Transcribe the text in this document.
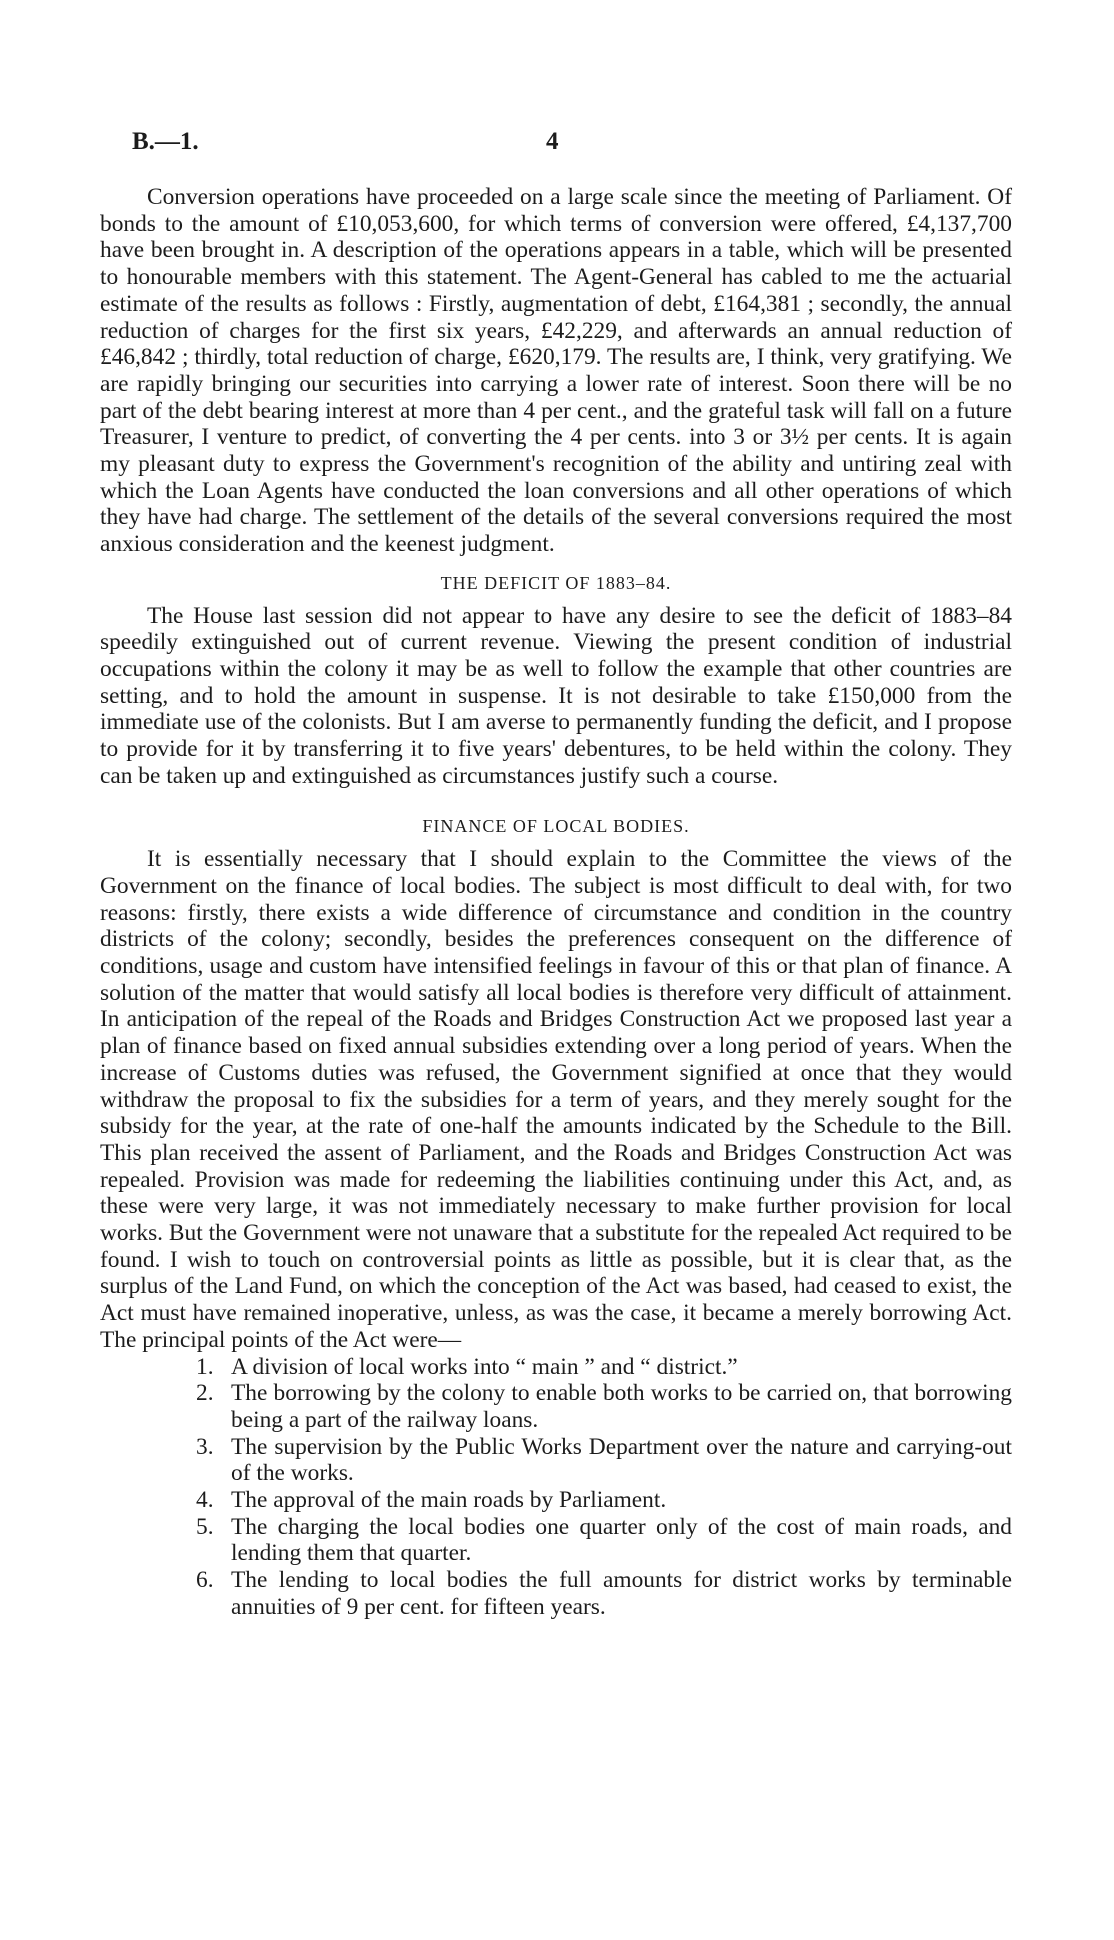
B.—1.	4

Conversion operations have proceeded on a large scale since the meeting of Parliament. Of bonds to the amount of £10,053,600, for which terms of conversion were offered, £4,137,700 have been brought in. A description of the operations appears in a table, which will be presented to honourable members with this statement. The Agent-General has cabled to me the actuarial estimate of the results as follows : Firstly, augmentation of debt, £164,381 ; secondly, the annual reduction of charges for the first six years, £42,229, and afterwards an annual reduction of £46,842 ; thirdly, total reduction of charge, £620,179. The results are, I think, very gratifying. We are rapidly bringing our securities into carrying a lower rate of interest. Soon there will be no part of the debt bearing interest at more than 4 per cent., and the grateful task will fall on a future Treasurer, I venture to predict, of converting the 4 per cents. into 3 or 3½ per cents. It is again my pleasant duty to express the Government's recognition of the ability and untiring zeal with which the Loan Agents have conducted the loan conversions and all other operations of which they have had charge. The settlement of the details of the several conversions required the most anxious consideration and the keenest judgment.

THE DEFICIT OF 1883–84.

The House last session did not appear to have any desire to see the deficit of 1883–84 speedily extinguished out of current revenue. Viewing the present condition of industrial occupations within the colony it may be as well to follow the example that other countries are setting, and to hold the amount in suspense. It is not desirable to take £150,000 from the immediate use of the colonists. But I am averse to permanently funding the deficit, and I propose to provide for it by transferring it to five years' debentures, to be held within the colony. They can be taken up and extinguished as circumstances justify such a course.

FINANCE OF LOCAL BODIES.

It is essentially necessary that I should explain to the Committee the views of the Government on the finance of local bodies. The subject is most difficult to deal with, for two reasons: firstly, there exists a wide difference of circumstance and condition in the country districts of the colony; secondly, besides the preferences consequent on the difference of conditions, usage and custom have intensified feelings in favour of this or that plan of finance. A solution of the matter that would satisfy all local bodies is therefore very difficult of attainment. In anticipation of the repeal of the Roads and Bridges Construction Act we proposed last year a plan of finance based on fixed annual subsidies extending over a long period of years. When the increase of Customs duties was refused, the Government signified at once that they would withdraw the proposal to fix the subsidies for a term of years, and they merely sought for the subsidy for the year, at the rate of one-half the amounts indicated by the Schedule to the Bill. This plan received the assent of Parliament, and the Roads and Bridges Construction Act was repealed. Provision was made for redeeming the liabilities continuing under this Act, and, as these were very large, it was not immediately necessary to make further provision for local works. But the Government were not unaware that a substitute for the repealed Act required to be found. I wish to touch on controversial points as little as possible, but it is clear that, as the surplus of the Land Fund, on which the conception of the Act was based, had ceased to exist, the Act must have remained inoperative, unless, as was the case, it became a merely borrowing Act. The principal points of the Act were—

1. A division of local works into “ main ” and “ district.”
2. The borrowing by the colony to enable both works to be carried on, that borrowing being a part of the railway loans.
3. The supervision by the Public Works Department over the nature and carrying-out of the works.
4. The approval of the main roads by Parliament.
5. The charging the local bodies one quarter only of the cost of main roads, and lending them that quarter.
6. The lending to local bodies the full amounts for district works by terminable annuities of 9 per cent. for fifteen years.
